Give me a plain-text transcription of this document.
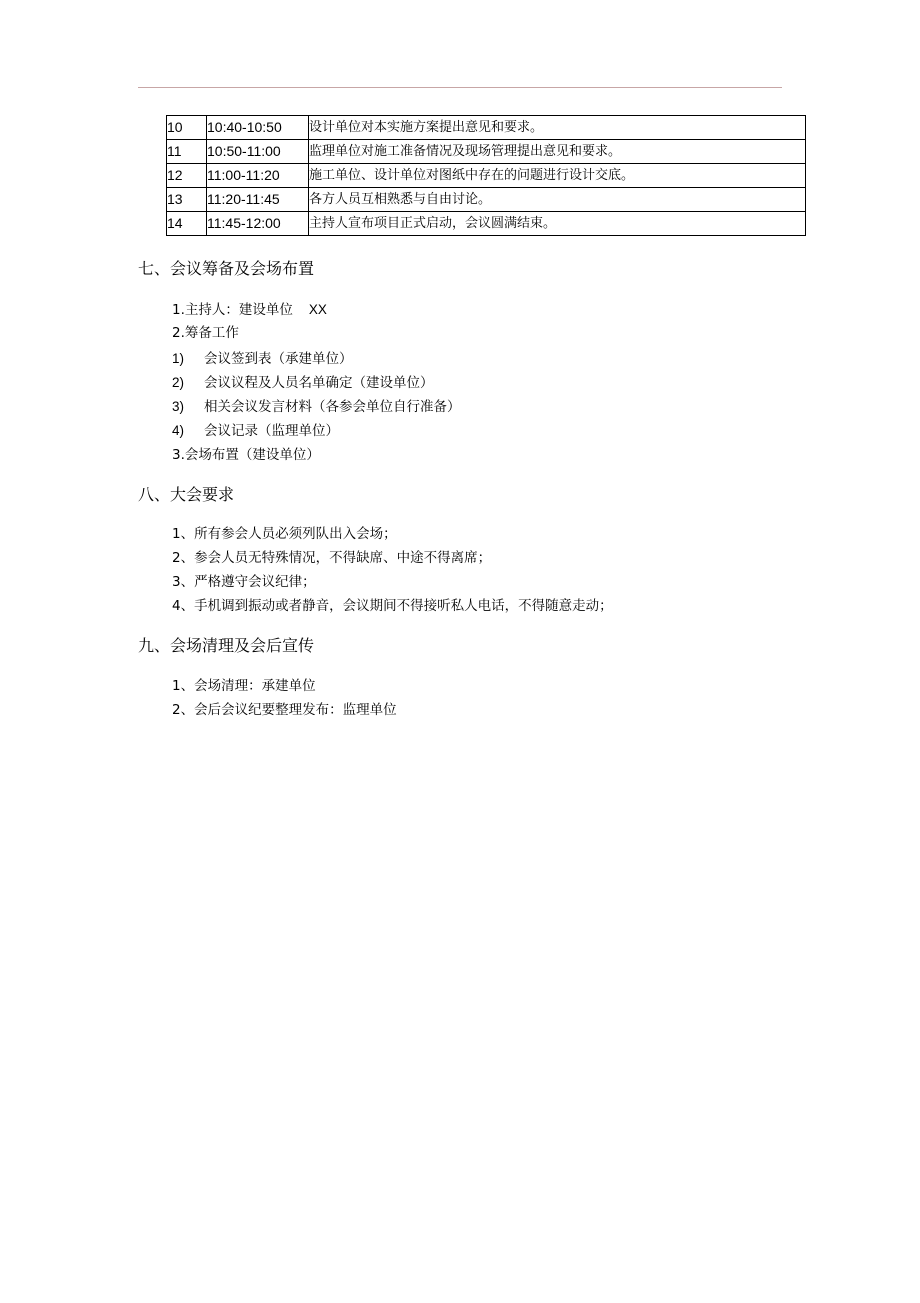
10	10:40-10:50	设计单位对本实施方案提出意见和要求。
11	10:50-11:00	监理单位对施工准备情况及现场管理提出意见和要求。
12	11:00-11:20	施工单位、设计单位对图纸中存在的问题进行设计交底。
13	11:20-11:45	各方人员互相熟悉与自由讨论。
14	11:45-12:00	主持人宣布项目正式启动，会议圆满结束。
七、会议筹备及会场布置
1.主持人：建设单位 XX
2.筹备工作
1) 会议签到表（承建单位）
2) 会议议程及人员名单确定（建设单位）
3) 相关会议发言材料（各参会单位自行准备）
4) 会议记录（监理单位）
3.会场布置（建设单位）
八、大会要求
1、所有参会人员必须列队出入会场；
2、参会人员无特殊情况，不得缺席、中途不得离席；
3、严格遵守会议纪律；
4、手机调到振动或者静音，会议期间不得接听私人电话，不得随意走动；
九、会场清理及会后宣传
1、会场清理：承建单位
2、会后会议纪要整理发布：监理单位
